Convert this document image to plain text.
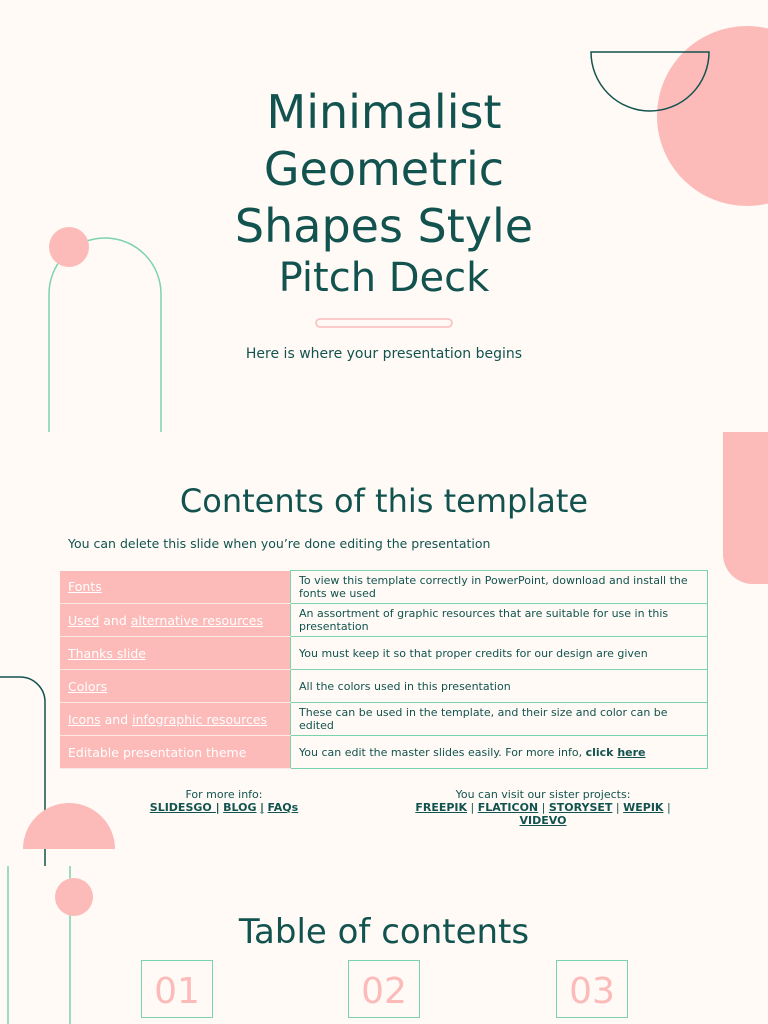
Minimalist
Geometric
Shapes Style
Pitch Deck
Here is where your presentation begins
Contents of this template
You can delete this slide when you’re done editing the presentation
Fonts	To view this template correctly in PowerPoint, download and install the fonts we used
Used and alternative resources	An assortment of graphic resources that are suitable for use in this presentation
Thanks slide	You must keep it so that proper credits for our design are given
Colors	All the colors used in this presentation
Icons and infographic resources	These can be used in the template, and their size and color can be edited
Editable presentation theme	You can edit the master slides easily. For more info, click here
For more info:
SLIDESGO | BLOG | FAQs
You can visit our sister projects:
FREEPIK | FLATICON | STORYSET | WEPIK |
VIDEVO
Table of contents
01	02	03
